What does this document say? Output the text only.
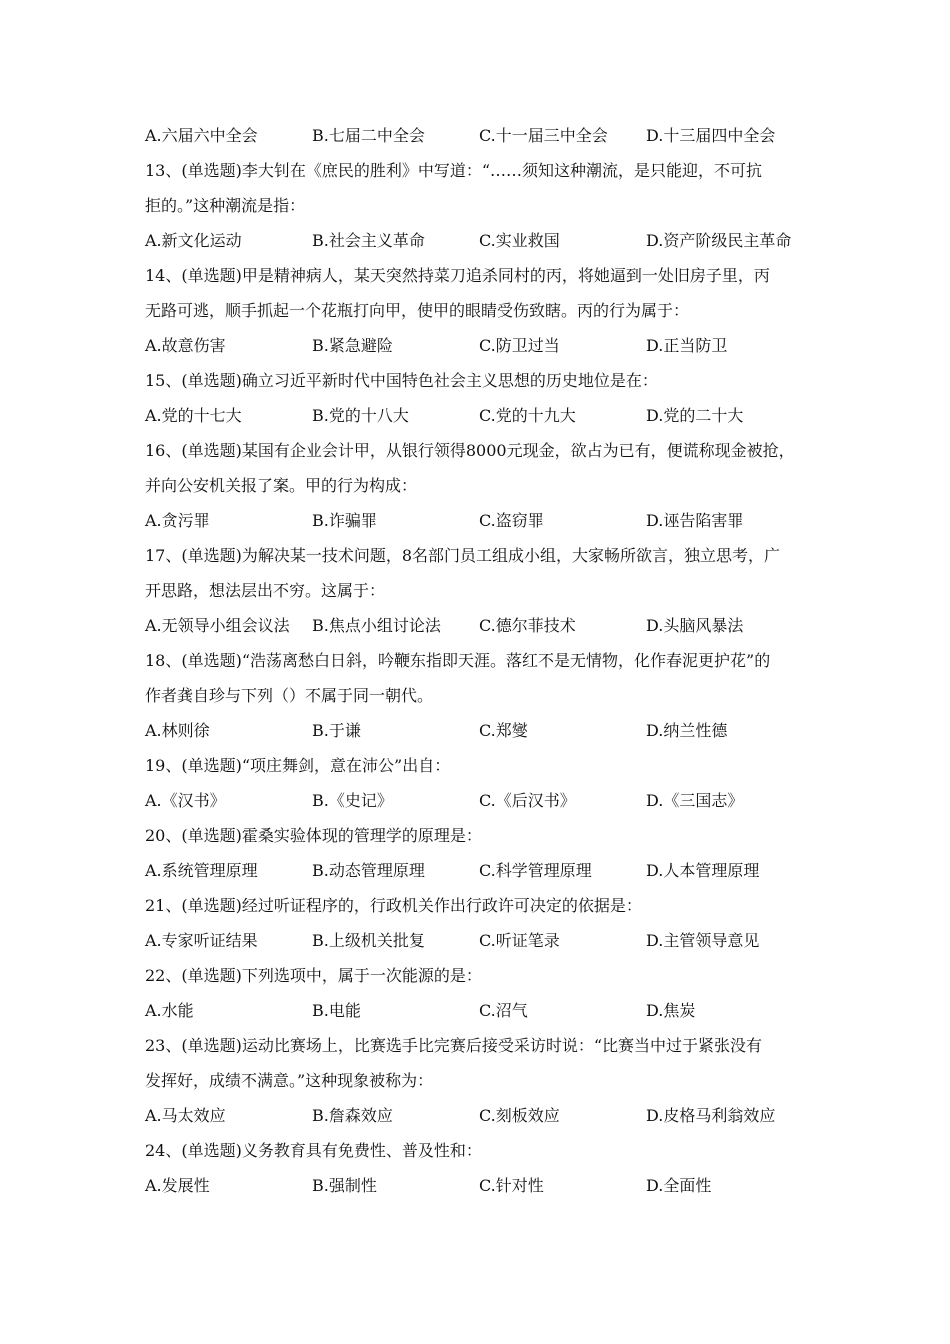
A.六届六中全会	B.七届二中全会	C.十一届三中全会	D.十三届四中全会
13、(单选题)李大钊在《庶民的胜利》中写道：“……须知这种潮流，是只能迎，不可抗
拒的。”这种潮流是指：
A.新文化运动	B.社会主义革命	C.实业救国	D.资产阶级民主革命
14、(单选题)甲是精神病人，某天突然持菜刀追杀同村的丙，将她逼到一处旧房子里，丙
无路可逃，顺手抓起一个花瓶打向甲，使甲的眼睛受伤致瞎。丙的行为属于：
A.故意伤害	B.紧急避险	C.防卫过当	D.正当防卫
15、(单选题)确立习近平新时代中国特色社会主义思想的历史地位是在：
A.党的十七大	B.党的十八大	C.党的十九大	D.党的二十大
16、(单选题)某国有企业会计甲，从银行领得8000元现金，欲占为已有，便谎称现金被抢，
并向公安机关报了案。甲的行为构成：
A.贪污罪	B.诈骗罪	C.盗窃罪	D.诬告陷害罪
17、(单选题)为解决某一技术问题，8名部门员工组成小组，大家畅所欲言，独立思考，广
开思路，想法层出不穷。这属于：
A.无领导小组会议法	B.焦点小组讨论法	C.德尔菲技术	D.头脑风暴法
18、(单选题)“浩荡离愁白日斜，吟鞭东指即天涯。落红不是无情物，化作春泥更护花”的
作者龚自珍与下列（）不属于同一朝代。
A.林则徐	B.于谦	C.郑燮	D.纳兰性德
19、(单选题)“项庄舞剑，意在沛公”出自：
A.《汉书》	B.《史记》	C.《后汉书》	D.《三国志》
20、(单选题)霍桑实验体现的管理学的原理是：
A.系统管理原理	B.动态管理原理	C.科学管理原理	D.人本管理原理
21、(单选题)经过听证程序的，行政机关作出行政许可决定的依据是：
A.专家听证结果	B.上级机关批复	C.听证笔录	D.主管领导意见
22、(单选题)下列选项中，属于一次能源的是：
A.水能	B.电能	C.沼气	D.焦炭
23、(单选题)运动比赛场上，比赛选手比完赛后接受采访时说：“比赛当中过于紧张没有
发挥好，成绩不满意。”这种现象被称为：
A.马太效应	B.詹森效应	C.刻板效应	D.皮格马利翁效应
24、(单选题)义务教育具有免费性、普及性和：
A.发展性	B.强制性	C.针对性	D.全面性
